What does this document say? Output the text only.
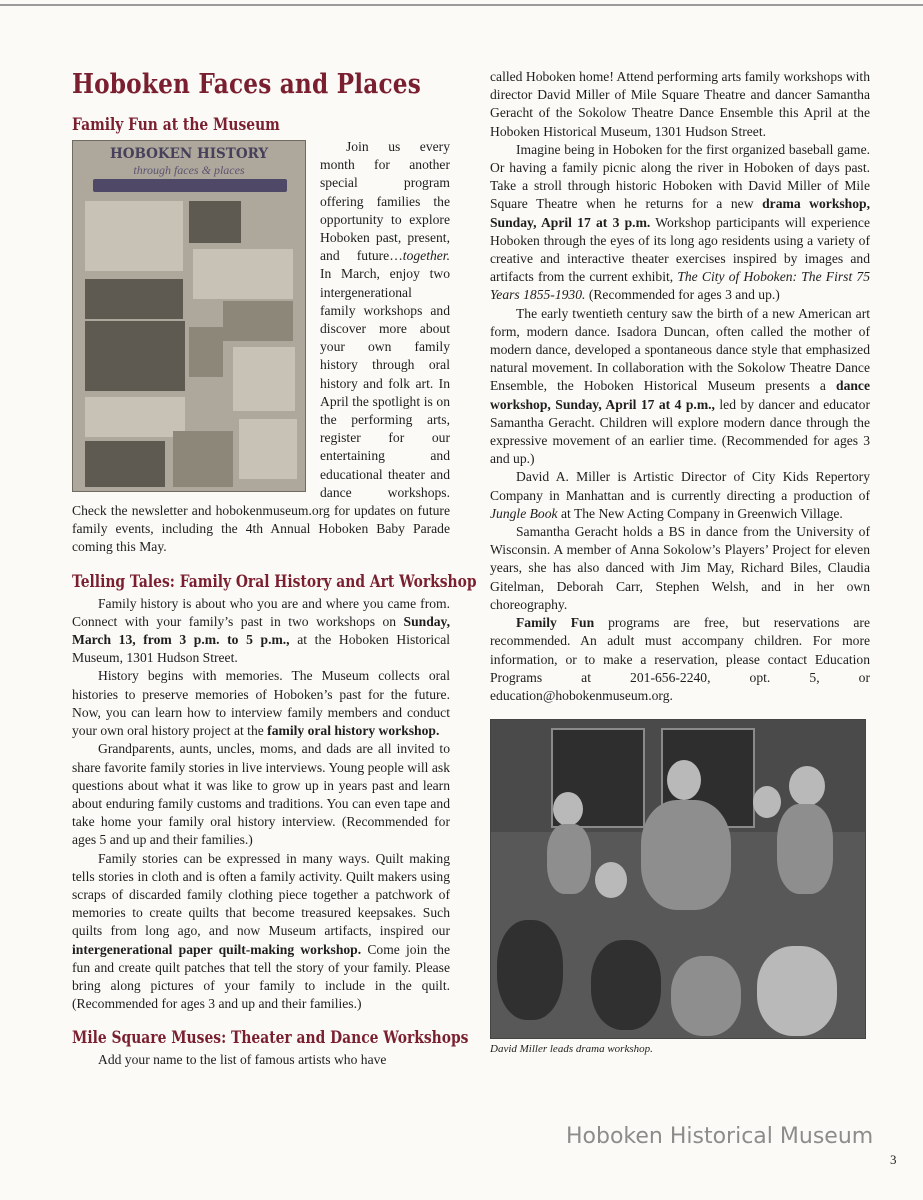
Hoboken Faces and Places
Family Fun at the Museum
HOBOKEN HISTORY
through faces & places

Join us every month for another special program offering families the opportunity to explore Hoboken past, present, and future…together. In March, enjoy two intergenerational family workshops and discover more about your own family history through oral history and folk art. In April the spotlight is on the performing arts, register for our entertaining and educational theater and dance workshops. Check the newsletter and hobokenmuseum.org for updates on future family events, including the 4th Annual Hoboken Baby Parade coming this May.

Telling Tales: Family Oral History and Art Workshop

Family history is about who you are and where you came from. Connect with your family’s past in two workshops on Sunday, March 13, from 3 p.m. to 5 p.m., at the Hoboken Historical Museum, 1301 Hudson Street.

History begins with memories. The Museum collects oral histories to preserve memories of Hoboken’s past for the future. Now, you can learn how to interview family members and conduct your own oral history project at the family oral history workshop.

Grandparents, aunts, uncles, moms, and dads are all invited to share favorite family stories in live interviews. Young people will ask questions about what it was like to grow up in years past and learn about enduring family customs and traditions. You can even tape and take home your family oral history interview. (Recommended for ages 5 and up and their families.)

Family stories can be expressed in many ways. Quilt making tells stories in cloth and is often a family activity. Quilt makers using scraps of discarded family clothing piece together a patchwork of memories to create quilts that become treasured keepsakes. Such quilts from long ago, and now Museum artifacts, inspired our intergenerational paper quilt-making workshop. Come join the fun and create quilt patches that tell the story of your family. Please bring along pictures of your family to include in the quilt. (Recommended for ages 3 and up and their families.)

Mile Square Muses: Theater and Dance Workshops

Add your name to the list of famous artists who have

called Hoboken home! Attend performing arts family workshops with director David Miller of Mile Square Theatre and dancer Samantha Geracht of the Sokolow Theatre Dance Ensemble this April at the Hoboken Historical Museum, 1301 Hudson Street.

Imagine being in Hoboken for the first organized baseball game. Or having a family picnic along the river in Hoboken of days past. Take a stroll through historic Hoboken with David Miller of Mile Square Theatre when he returns for a new drama workshop, Sunday, April 17 at 3 p.m. Workshop participants will experience Hoboken through the eyes of its long ago residents using a variety of creative and interactive theater exercises inspired by images and artifacts from the current exhibit, The City of Hoboken: The First 75 Years 1855-1930. (Recommended for ages 3 and up.)

The early twentieth century saw the birth of a new American art form, modern dance. Isadora Duncan, often called the mother of modern dance, developed a spontaneous dance style that emphasized natural movement. In collaboration with the Sokolow Theatre Dance Ensemble, the Hoboken Historical Museum presents a dance workshop, Sunday, April 17 at 4 p.m., led by dancer and educator Samantha Geracht. Children will explore modern dance through the expressive movement of an earlier time. (Recommended for ages 3 and up.)

David A. Miller is Artistic Director of City Kids Repertory Company in Manhattan and is currently directing a production of Jungle Book at The New Acting Company in Greenwich Village.

Samantha Geracht holds a BS in dance from the University of Wisconsin. A member of Anna Sokolow’s Players’ Project for eleven years, she has also danced with Jim May, Richard Biles, Claudia Gitelman, Deborah Carr, Stephen Welsh, and in her own choreography.

Family Fun programs are free, but reservations are recommended. An adult must accompany children. For more information, or to make a reservation, please contact Education Programs at 201-656-2240, opt. 5, or education@hobokenmuseum.org.

David Miller leads drama workshop.
Hoboken Historical Museum
3
